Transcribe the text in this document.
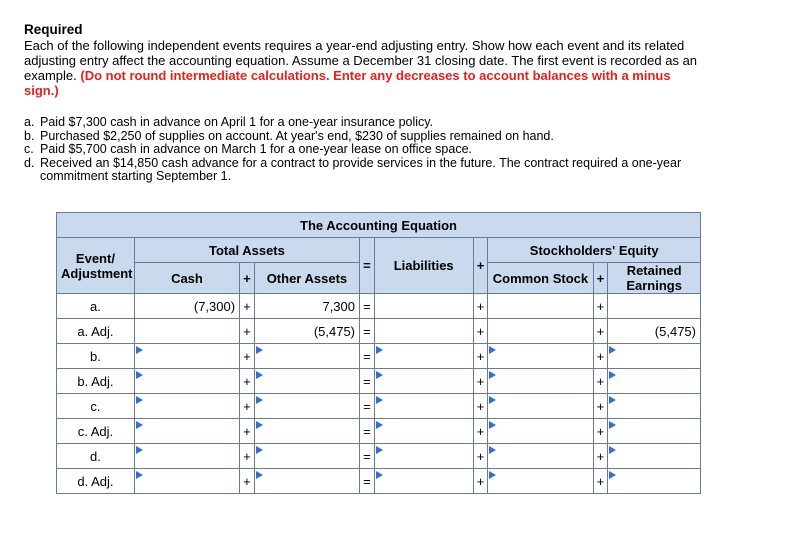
Required
Each of the following independent events requires a year-end adjusting entry. Show how each event and its related adjusting entry affect the accounting equation. Assume a December 31 closing date. The first event is recorded as an example. (Do not round intermediate calculations. Enter any decreases to account balances with a minus sign.)
a. Paid $7,300 cash in advance on April 1 for a one-year insurance policy.
b. Purchased $2,250 of supplies on account. At year's end, $230 of supplies remained on hand.
c. Paid $5,700 cash in advance on March 1 for a one-year lease on office space.
d. Received an $14,850 cash advance for a contract to provide services in the future. The contract required a one-year commitment starting September 1.
The Accounting Equation									
Event/ Adjustment	Total Assets			=	Liabilities	+	Stockholders' Equity		
	Cash	+	Other Assets				Common Stock	+	Retained Earnings
a.	(7,300)	+	7,300	=		+		+	
a. Adj.		+	(5,475)	=		+		+	(5,475)
b.		+		=		+		+	
b. Adj.		+		=		+		+	
c.		+		=		+		+	
c. Adj.		+		=		+		+	
d.		+		=		+		+	
d. Adj.		+		=		+		+	
